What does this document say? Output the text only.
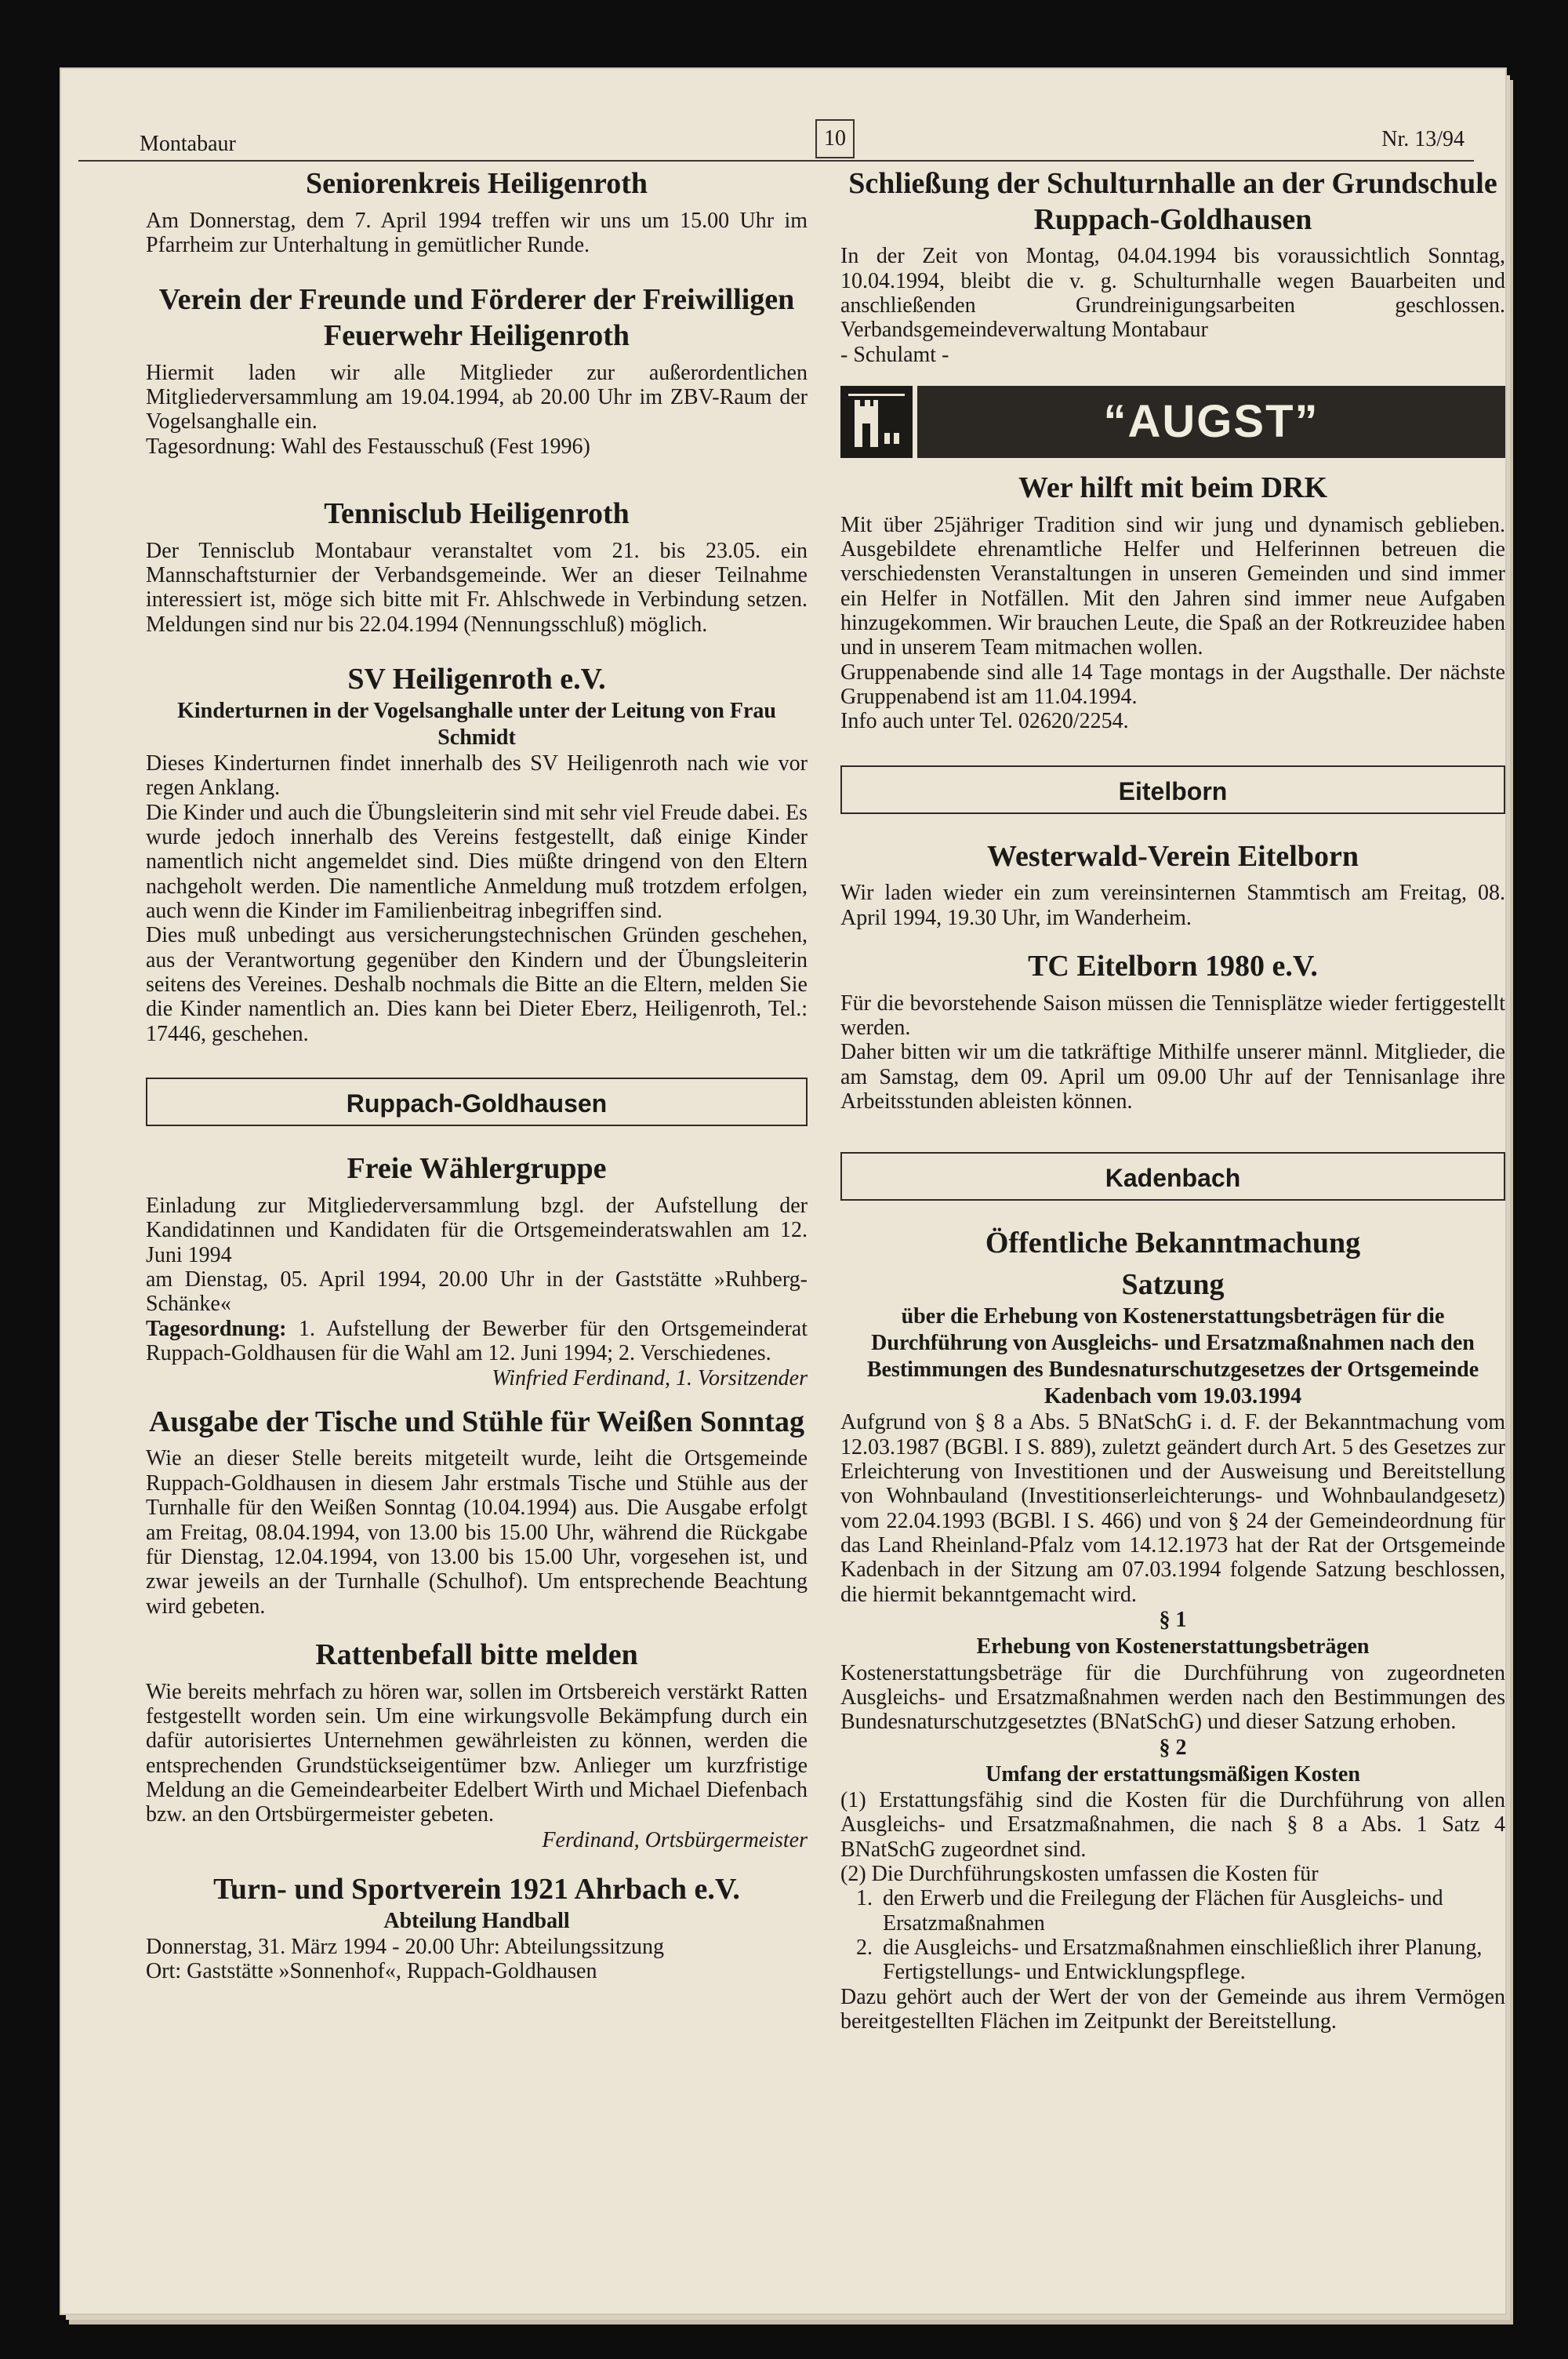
Montabaur	10	Nr. 13/94
Seniorenkreis Heiligenroth

Am Donnerstag, dem 7. April 1994 treffen wir uns um 15.00 Uhr im Pfarrheim zur Unterhaltung in gemütlicher Runde.

Verein der Freunde und Förderer der Freiwilligen Feuerwehr Heiligenroth

Hiermit laden wir alle Mitglieder zur außerordentlichen Mitgliederversammlung am 19.04.1994, ab 20.00 Uhr im ZBV-Raum der Vogelsanghalle ein.

Tagesordnung: Wahl des Festausschuß (Fest 1996)

Tennisclub Heiligenroth

Der Tennisclub Montabaur veranstaltet vom 21. bis 23.05. ein Mannschaftsturnier der Verbandsgemeinde. Wer an dieser Teilnahme interessiert ist, möge sich bitte mit Fr. Ahlschwede in Verbindung setzen. Meldungen sind nur bis 22.04.1994 (Nennungsschluß) möglich.

SV Heiligenroth e.V.
Kinderturnen in der Vogelsanghalle unter der Leitung von Frau Schmidt

Dieses Kinderturnen findet innerhalb des SV Heiligenroth nach wie vor regen Anklang.

Die Kinder und auch die Übungsleiterin sind mit sehr viel Freude dabei. Es wurde jedoch innerhalb des Vereins festgestellt, daß einige Kinder namentlich nicht angemeldet sind. Dies müßte dringend von den Eltern nachgeholt werden. Die namentliche Anmeldung muß trotzdem erfolgen, auch wenn die Kinder im Familienbeitrag inbegriffen sind.

Dies muß unbedingt aus versicherungstechnischen Gründen geschehen, aus der Verantwortung gegenüber den Kindern und der Übungsleiterin seitens des Vereines. Deshalb nochmals die Bitte an die Eltern, melden Sie die Kinder namentlich an. Dies kann bei Dieter Eberz, Heiligenroth, Tel.: 17446, geschehen.

Ruppach-Goldhausen
Freie Wählergruppe

Einladung zur Mitgliederversammlung bzgl. der Aufstellung der Kandidatinnen und Kandidaten für die Ortsgemeinderatswahlen am 12. Juni 1994

am Dienstag, 05. April 1994, 20.00 Uhr in der Gaststätte »Ruhberg-Schänke«

Tagesordnung: 1. Aufstellung der Bewerber für den Ortsgemeinderat Ruppach-Goldhausen für die Wahl am 12. Juni 1994; 2. Verschiedenes.

Winfried Ferdinand, 1. Vorsitzender
Ausgabe der Tische und Stühle für Weißen Sonntag

Wie an dieser Stelle bereits mitgeteilt wurde, leiht die Ortsgemeinde Ruppach-Goldhausen in diesem Jahr erstmals Tische und Stühle aus der Turnhalle für den Weißen Sonntag (10.04.1994) aus. Die Ausgabe erfolgt am Freitag, 08.04.1994, von 13.00 bis 15.00 Uhr, während die Rückgabe für Dienstag, 12.04.1994, von 13.00 bis 15.00 Uhr, vorgesehen ist, und zwar jeweils an der Turnhalle (Schulhof). Um entsprechende Beachtung wird gebeten.

Rattenbefall bitte melden

Wie bereits mehrfach zu hören war, sollen im Ortsbereich verstärkt Ratten festgestellt worden sein. Um eine wirkungsvolle Bekämpfung durch ein dafür autorisiertes Unternehmen gewährleisten zu können, werden die entsprechenden Grundstückseigentümer bzw. Anlieger um kurzfristige Meldung an die Gemeindearbeiter Edelbert Wirth und Michael Diefenbach bzw. an den Ortsbürgermeister gebeten.

Ferdinand, Ortsbürgermeister
Turn- und Sportverein 1921 Ahrbach e.V.
Abteilung Handball

Donnerstag, 31. März 1994 - 20.00 Uhr: Abteilungssitzung

Ort: Gaststätte »Sonnenhof«, Ruppach-Goldhausen

Schließung der Schulturnhalle an der Grundschule Ruppach-Goldhausen

In der Zeit von Montag, 04.04.1994 bis voraussichtlich Sonntag, 10.04.1994, bleibt die v. g. Schulturnhalle wegen Bauarbeiten und anschließenden Grundreinigungsarbeiten geschlossen. Verbandsgemeindeverwaltung Montabaur

- Schulamt -

“AUGST”
Wer hilft mit beim DRK

Mit über 25jähriger Tradition sind wir jung und dynamisch geblieben. Ausgebildete ehrenamtliche Helfer und Helferinnen betreuen die verschiedensten Veranstaltungen in unseren Gemeinden und sind immer ein Helfer in Notfällen. Mit den Jahren sind immer neue Aufgaben hinzugekommen. Wir brauchen Leute, die Spaß an der Rotkreuzidee haben und in unserem Team mitmachen wollen.

Gruppenabende sind alle 14 Tage montags in der Augsthalle. Der nächste Gruppenabend ist am 11.04.1994.

Info auch unter Tel. 02620/2254.

Eitelborn
Westerwald-Verein Eitelborn

Wir laden wieder ein zum vereinsinternen Stammtisch am Freitag, 08. April 1994, 19.30 Uhr, im Wanderheim.

TC Eitelborn 1980 e.V.

Für die bevorstehende Saison müssen die Tennisplätze wieder fertiggestellt werden.

Daher bitten wir um die tatkräftige Mithilfe unserer männl. Mitglieder, die am Samstag, dem 09. April um 09.00 Uhr auf der Tennisanlage ihre Arbeitsstunden ableisten können.

Kadenbach
Öffentliche Bekanntmachung
Satzung
über die Erhebung von Kostenerstattungsbeträgen für die Durchführung von Ausgleichs- und Ersatzmaßnahmen nach den Bestimmungen des Bundesnaturschutzgesetzes der Ortsgemeinde Kadenbach vom 19.03.1994

Aufgrund von § 8 a Abs. 5 BNatSchG i. d. F. der Bekanntmachung vom 12.03.1987 (BGBl. I S. 889), zuletzt geändert durch Art. 5 des Gesetzes zur Erleichterung von Investitionen und der Ausweisung und Bereitstellung von Wohnbauland (Investitionserleichterungs- und Wohnbaulandgesetz) vom 22.04.1993 (BGBl. I S. 466) und von § 24 der Gemeindeordnung für das Land Rheinland-Pfalz vom 14.12.1973 hat der Rat der Ortsgemeinde Kadenbach in der Sitzung am 07.03.1994 folgende Satzung beschlossen, die hiermit bekanntgemacht wird.

§ 1
Erhebung von Kostenerstattungsbeträgen

Kostenerstattungsbeträge für die Durchführung von zugeordneten Ausgleichs- und Ersatzmaßnahmen werden nach den Bestimmungen des Bundesnaturschutzgesetztes (BNatSchG) und dieser Satzung erhoben.

§ 2
Umfang der erstattungsmäßigen Kosten

(1) Erstattungsfähig sind die Kosten für die Durchführung von allen Ausgleichs- und Ersatzmaßnahmen, die nach § 8 a Abs. 1 Satz 4 BNatSchG zugeordnet sind.

(2) Die Durchführungskosten umfassen die Kosten für

1. den Erwerb und die Freilegung der Flächen für Ausgleichs- und Ersatzmaßnahmen
2. die Ausgleichs- und Ersatzmaßnahmen einschließlich ihrer Planung, Fertigstellungs- und Entwicklungspflege.

Dazu gehört auch der Wert der von der Gemeinde aus ihrem Vermögen bereitgestellten Flächen im Zeitpunkt der Bereitstellung.
